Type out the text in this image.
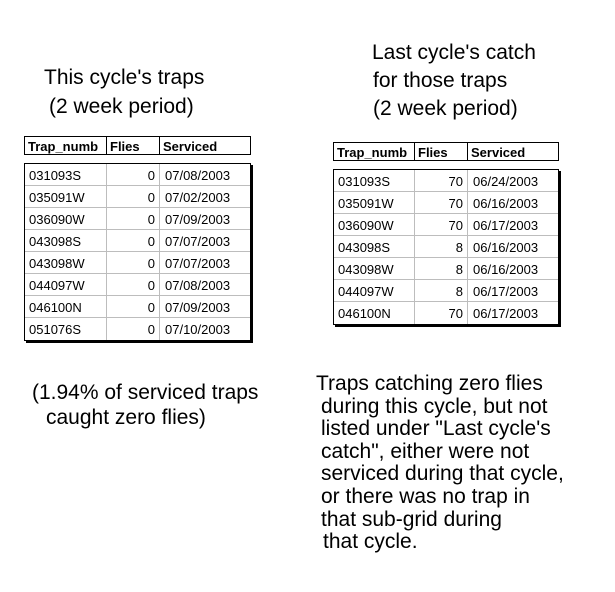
This cycle's traps
(2 week period)
Trap_numb Flies	Serviced
031093S	0 07/08/2003
035091W	0 07/02/2003
036090W	0 07/09/2003
043098S	0 07/07/2003
043098W	0 07/07/2003
044097W	0 07/08/2003
046100N	0 07/09/2003
051076S	0 07/10/2003
(1.94% of serviced traps
caught zero flies)
Last cycle's catch
for those traps
(2 week period)
Trap_numb Flies	Serviced
031093S	70 06/24/2003
035091W	70 06/16/2003
036090W	70 06/17/2003
043098S	8 06/16/2003
043098W	8 06/16/2003
044097W	8 06/17/2003
046100N	70 06/17/2003
Traps catching zero flies
during this cycle, but not
listed under "Last cycle's
catch", either were not
serviced during that cycle,
or there was no trap in
that sub-grid during
that cycle.
